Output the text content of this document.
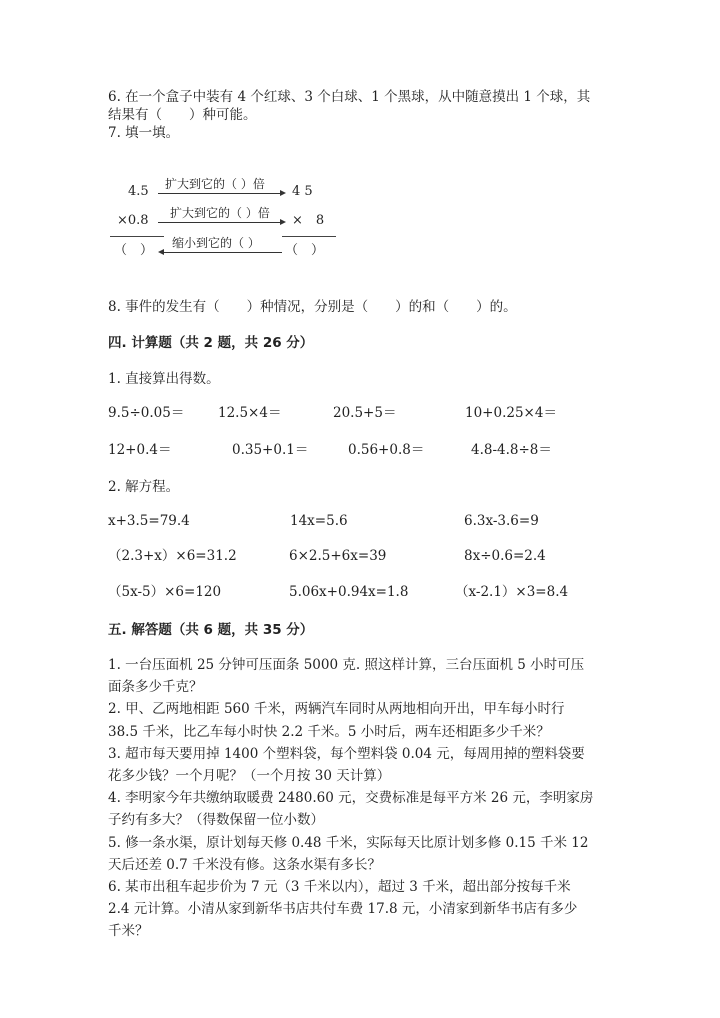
6. 在一个盒子中装有 4 个红球、3 个白球、1 个黑球，从中随意摸出 1 个球，其
结果有（　　）种可能。
7. 填一填。
4.5
×0.8
（　）
4 5
×　8
（　）
扩大到它的（ ）倍
扩大到它的（ ）倍
缩小到它的（ ）
8. 事件的发生有（　　）种情况，分别是（　　）的和（　　）的。
四. 计算题（共 2 题，共 26 分）
1. 直接算出得数。
9.5÷0.05＝ 12.5×4＝	20.5+5＝	10+0.25×4＝
12+0.4＝	0.35+0.1＝	0.56+0.8＝	4.8-4.8÷8＝
2. 解方程。
x+3.5=79.4	14x=5.6	6.3x-3.6=9
（2.3+x）×6=31.2	6×2.5+6x=39	8x÷0.6=2.4
（5x-5）×6=120	5.06x+0.94x=1.8	（x-2.1）×3=8.4
五. 解答题（共 6 题，共 35 分）
1. 一台压面机 25 分钟可压面条 5000 克. 照这样计算，三台压面机 5 小时可压
面条多少千克？
2. 甲、乙两地相距 560 千米，两辆汽车同时从两地相向开出，甲车每小时行
38.5 千米，比乙车每小时快 2.2 千米。5 小时后，两车还相距多少千米？
3. 超市每天要用掉 1400 个塑料袋，每个塑料袋 0.04 元，每周用掉的塑料袋要
花多少钱？一个月呢？（一个月按 30 天计算）
4. 李明家今年共缴纳取暖费 2480.60 元，交费标准是每平方米 26 元，李明家房
子约有多大？（得数保留一位小数）
5. 修一条水渠，原计划每天修 0.48 千米，实际每天比原计划多修 0.15 千米 12
天后还差 0.7 千米没有修。这条水渠有多长？
6. 某市出租车起步价为 7 元（3 千米以内），超过 3 千米，超出部分按每千米
2.4 元计算。小清从家到新华书店共付车费 17.8 元，小清家到新华书店有多少
千米？
